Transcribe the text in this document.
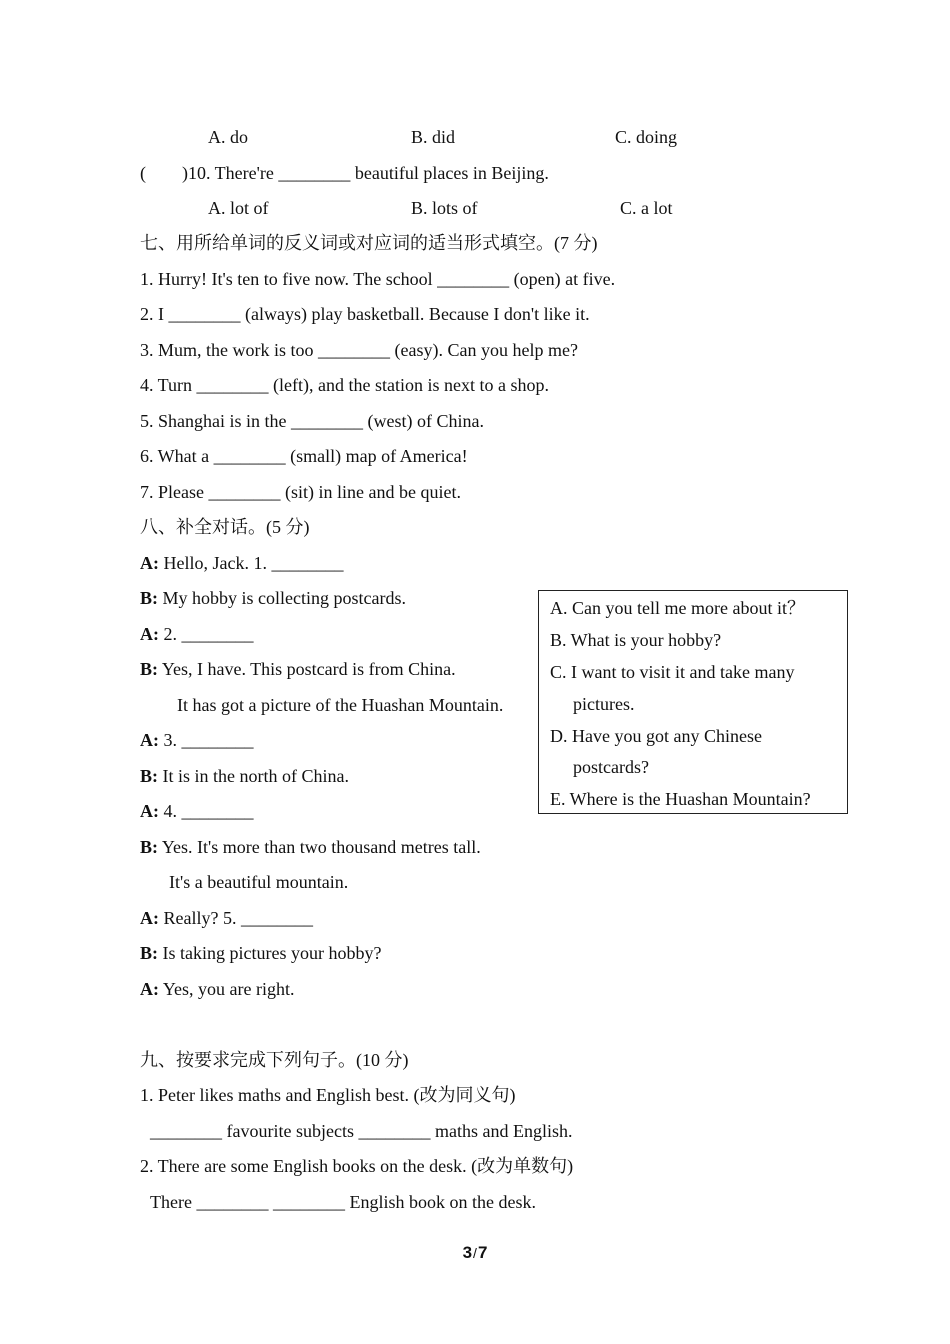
A. do	B. did	C. doing
(        )10. There're ________ beautiful places in Beijing.
A. lot of	B. lots of	C. a lot
七、用所给单词的反义词或对应词的适当形式填空。(7 分)
1. Hurry! It's ten to five now. The school ________ (open) at five.
2. I ________ (always) play basketball. Because I don't like it.
3. Mum, the work is too ________ (easy). Can you help me?
4. Turn ________ (left), and the station is next to a shop.
5. Shanghai is in the ________ (west) of China.
6. What a ________ (small) map of America!
7. Please ________ (sit) in line and be quiet.
八、补全对话。(5 分)
A: Hello, Jack. 1. ________
B: My hobby is collecting postcards.
A: 2. ________
B: Yes, I have. This postcard is from China.
It has got a picture of the Huashan Mountain.
A: 3. ________
B: It is in the north of China.
A: 4. ________
B: Yes. It's more than two thousand metres tall.
It's a beautiful mountain.
A: Really? 5. ________
B: Is taking pictures your hobby?
A: Yes, you are right.
A. Can you tell me more about it？
B. What is your hobby?
C. I want to visit it and take many
pictures.
D. Have you got any Chinese
postcards?
E. Where is the Huashan Mountain?
九、按要求完成下列句子。(10 分)
1. Peter likes maths and English best. (改为同义句)
________ favourite subjects ________ maths and English.
2. There are some English books on the desk. (改为单数句)
There ________ ________ English book on the desk.
3/7
